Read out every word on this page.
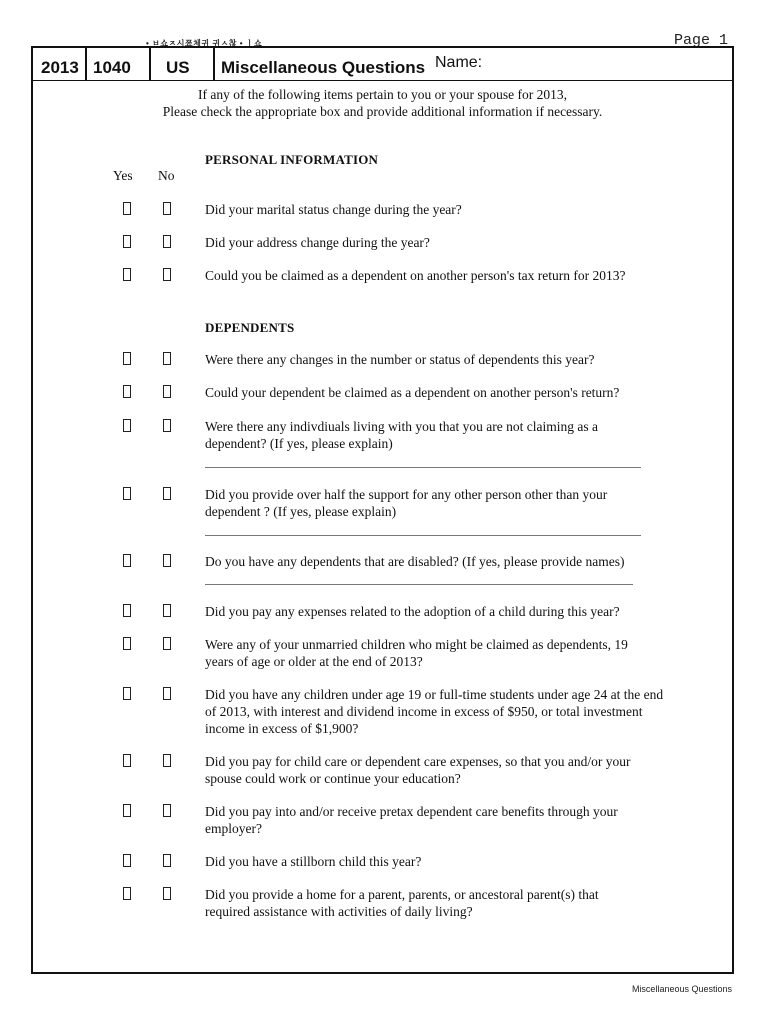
• ㅂ쇼ㅈ시쬬체귀 귀ㅅ찮 • ㅣ쇼	Page 1
2013 1040 US Miscellaneous Questions Name:
If any of the following items pertain to you or your spouse for 2013,
Please check the appropriate box and provide additional information if necessary.
PERSONAL INFORMATION
Yes No
Did your marital status change during the year?
Did your address change during the year?
Could you be claimed as a dependent on another person's tax return for 2013?
DEPENDENTS
Were there any changes in the number or status of dependents this year?
Could your dependent be claimed as a dependent on another person's return?
Were there any indivdiuals living with you that you are not claiming as a dependent? (If yes, please explain)
Did you provide over half the support for any other person other than your dependent ? (If yes, please explain)
Do you have any dependents that are disabled? (If yes, please provide names)
Did you pay any expenses related to the adoption of a child during this year?
Were any of your unmarried children who might be claimed as dependents, 19 years of age or older at the end of 2013?
Did you have any children under age 19 or full-time students under age 24 at the end of 2013, with interest and dividend income in excess of $950, or total investment income in excess of $1,900?
Did you pay for child care or dependent care expenses, so that you and/or your spouse could work or continue your education?
Did you pay into and/or receive pretax dependent care benefits through your employer?
Did you have a stillborn child this year?
Did you provide a home for a parent, parents, or ancestoral parent(s) that required assistance with activities of daily living?
Miscellaneous Questions
